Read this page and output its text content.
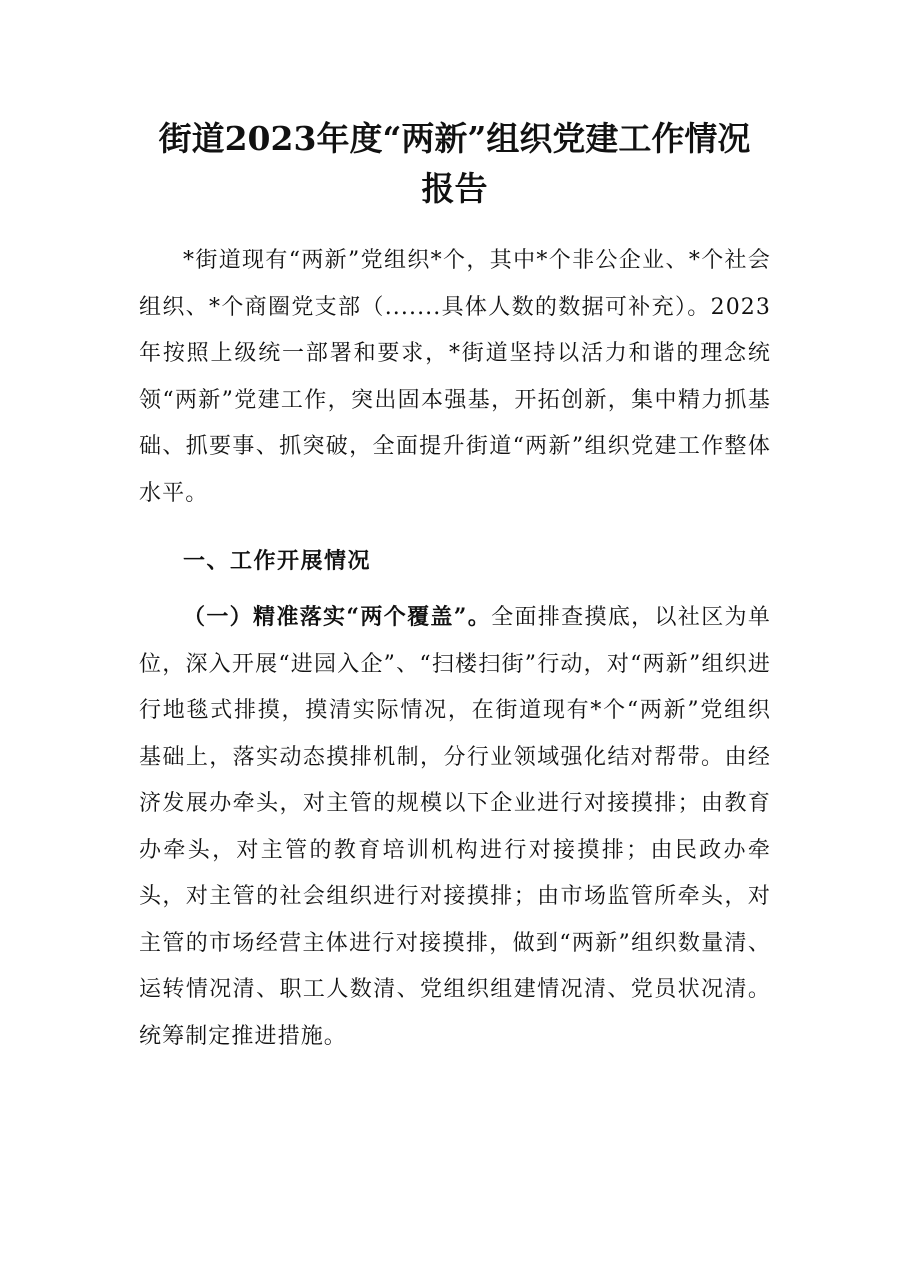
街道2023年度“两新”组织党建工作情况
报告

*街道现有“两新”党组织*个，其中*个非公企业、*个社会组织、*个商圈党支部（.......具体人数的数据可补充）。2023年按照上级统一部署和要求，*街道坚持以活力和谐的理念统领“两新”党建工作，突出固本强基，开拓创新，集中精力抓基础、抓要事、抓突破，全面提升街道“两新”组织党建工作整体水平。

一、工作开展情况

（一）精准落实“两个覆盖”。全面排查摸底，以社区为单位，深入开展“进园入企”、“扫楼扫街”行动，对“两新”组织进行地毯式排摸，摸清实际情况，在街道现有*个“两新”党组织基础上，落实动态摸排机制，分行业领域强化结对帮带。由经济发展办牵头，对主管的规模以下企业进行对接摸排；由教育办牵头，对主管的教育培训机构进行对接摸排；由民政办牵头，对主管的社会组织进行对接摸排；由市场监管所牵头，对主管的市场经营主体进行对接摸排，做到“两新”组织数量清、运转情况清、职工人数清、党组织组建情况清、党员状况清。统筹制定推进措施。
